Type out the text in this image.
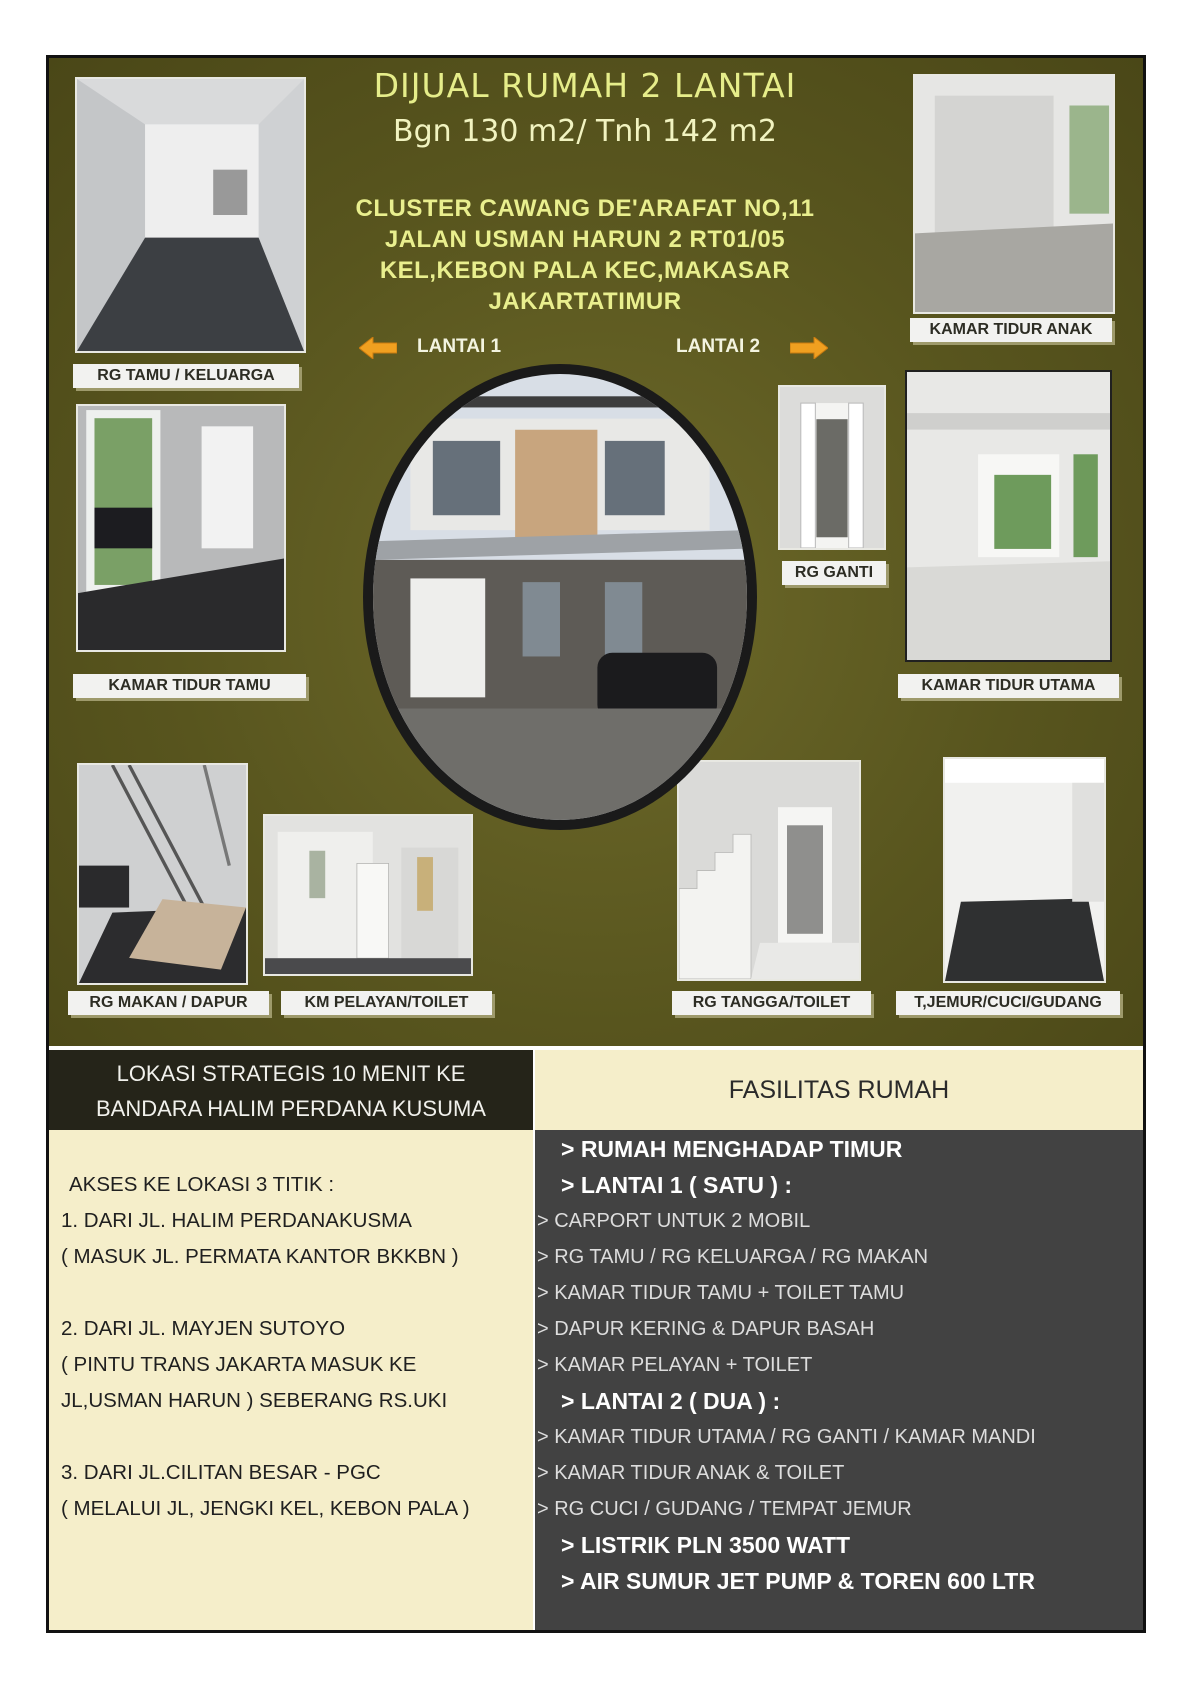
DIJUAL RUMAH 2 LANTAI
Bgn 130 m2/ Tnh 142 m2
CLUSTER CAWANG DE'ARAFAT NO,11
JALAN USMAN HARUN 2 RT01/05
KEL,KEBON PALA KEC,MAKASAR
JAKARTATIMUR
LANTAI 1	LANTAI 2
RG TAMU / KELUARGA
KAMAR TIDUR ANAK
KAMAR TIDUR TAMU
RG GANTI
KAMAR TIDUR UTAMA
RG MAKAN / DAPUR	KM PELAYAN/TOILET	RG TANGGA/TOILET	T,JEMUR/CUCI/GUDANG
LOKASI STRATEGIS 10 MENIT KE
BANDARA HALIM PERDANA KUSUMA
AKSES KE LOKASI 3 TITIK :
1. DARI JL. HALIM PERDANAKUSMA
( MASUK JL. PERMATA KANTOR BKKBN )
2. DARI JL. MAYJEN SUTOYO
( PINTU TRANS JAKARTA MASUK KE
JL,USMAN HARUN ) SEBERANG RS.UKI
3. DARI JL.CILITAN BESAR - PGC
( MELALUI JL, JENGKI KEL, KEBON PALA )
FASILITAS RUMAH
> RUMAH MENGHADAP TIMUR
> LANTAI 1 ( SATU ) :
> CARPORT UNTUK 2 MOBIL
> RG TAMU / RG KELUARGA / RG MAKAN
> KAMAR TIDUR TAMU + TOILET TAMU
> DAPUR KERING & DAPUR BASAH
> KAMAR PELAYAN + TOILET
> LANTAI 2 ( DUA ) :
> KAMAR TIDUR UTAMA / RG GANTI / KAMAR MANDI
> KAMAR TIDUR ANAK & TOILET
> RG CUCI / GUDANG / TEMPAT JEMUR
> LISTRIK PLN 3500 WATT
> AIR SUMUR JET PUMP & TOREN 600 LTR
